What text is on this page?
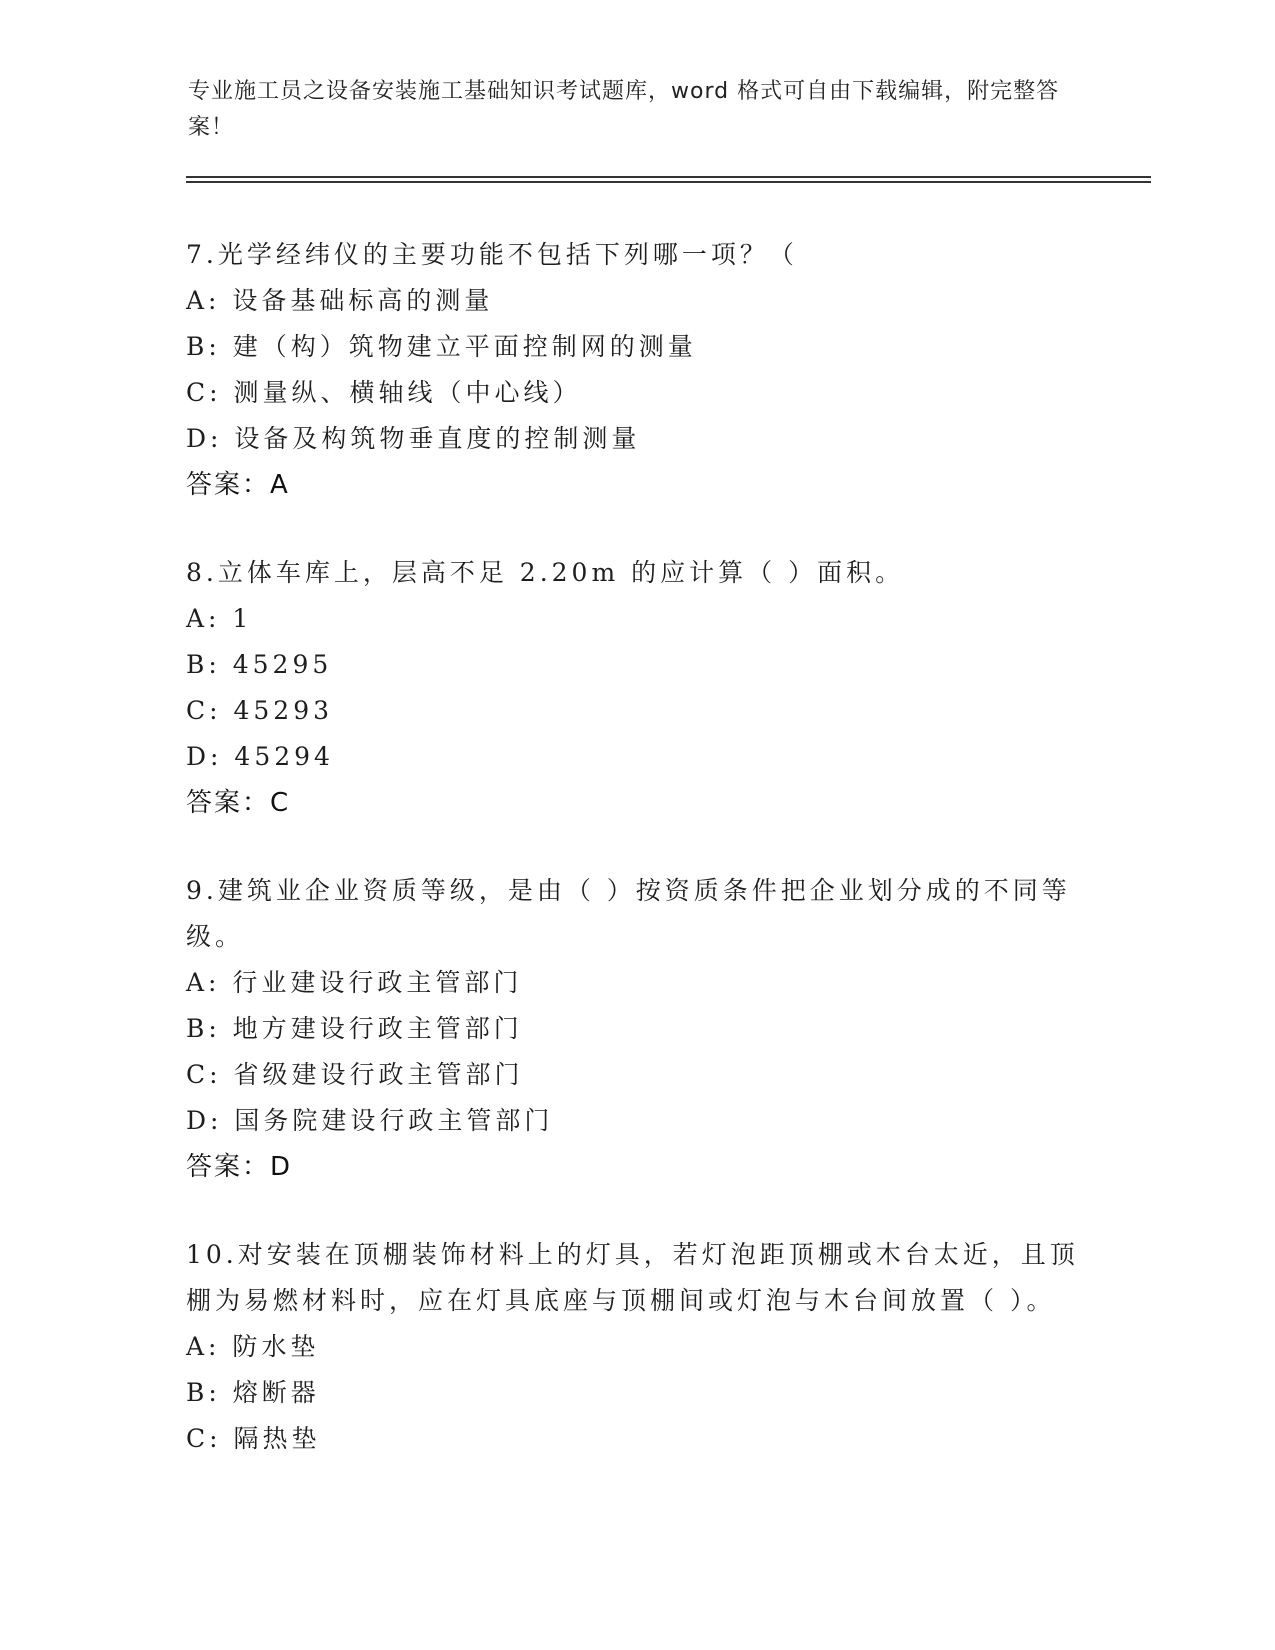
专业施工员之设备安装施工基础知识考试题库，word 格式可自由下载编辑，附完整答案！

7.光学经纬仪的主要功能不包括下列哪一项？（

A: 设备基础标高的测量

B: 建（构）筑物建立平面控制网的测量

C: 测量纵、横轴线（中心线）

D: 设备及构筑物垂直度的控制测量

答案：A

8.立体车库上，层高不足 2.20m 的应计算（ ）面积。

A: 1

B: 45295

C: 45293

D: 45294

答案：C

9.建筑业企业资质等级，是由（ ）按资质条件把企业划分成的不同等级。

A: 行业建设行政主管部门

B: 地方建设行政主管部门

C: 省级建设行政主管部门

D: 国务院建设行政主管部门

答案：D

10.对安装在顶棚装饰材料上的灯具，若灯泡距顶棚或木台太近，且顶棚为易燃材料时，应在灯具底座与顶棚间或灯泡与木台间放置（ ）。

A: 防水垫

B: 熔断器

C: 隔热垫
